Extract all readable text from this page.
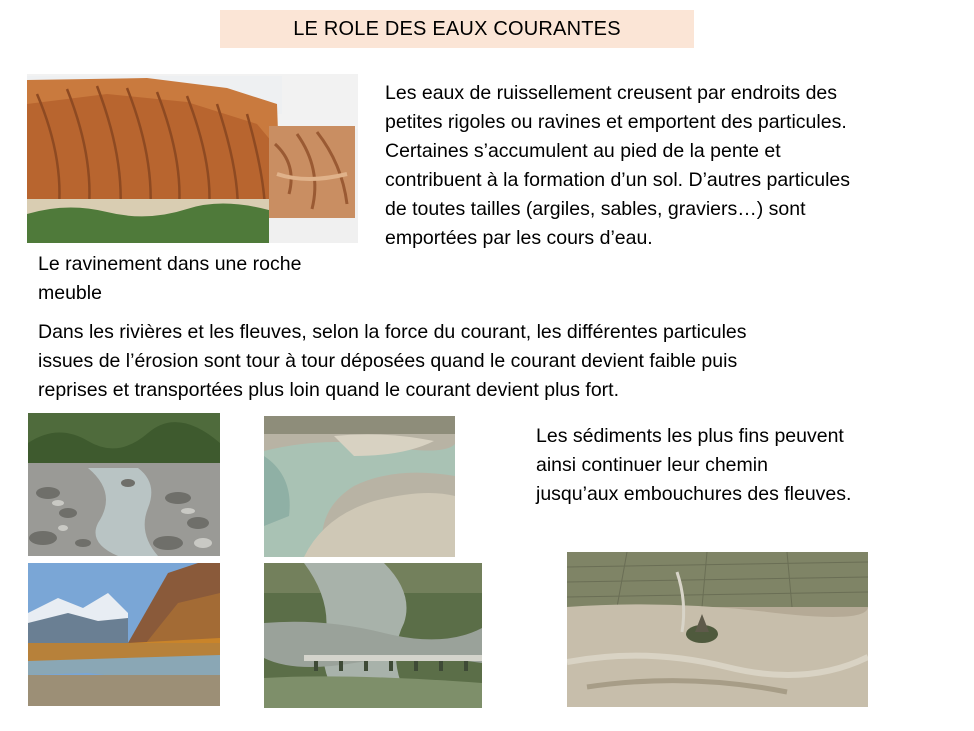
LE ROLE DES EAUX COURANTES
Les eaux de ruissellement creusent par endroits des
petites rigoles ou ravines et emportent des particules.
Certaines s’accumulent au pied de la pente et
contribuent à la formation d’un sol. D’autres particules
de toutes tailles (argiles, sables, graviers…) sont
emportées par les cours d’eau.
Le ravinement dans une roche
meuble
Dans les rivières et les fleuves, selon la force du courant, les différentes particules
issues de l’érosion sont tour à tour déposées quand le courant devient faible puis
reprises et transportées plus loin quand le courant devient plus fort.
Les sédiments les plus fins peuvent
ainsi continuer leur chemin
jusqu’aux embouchures des fleuves.
